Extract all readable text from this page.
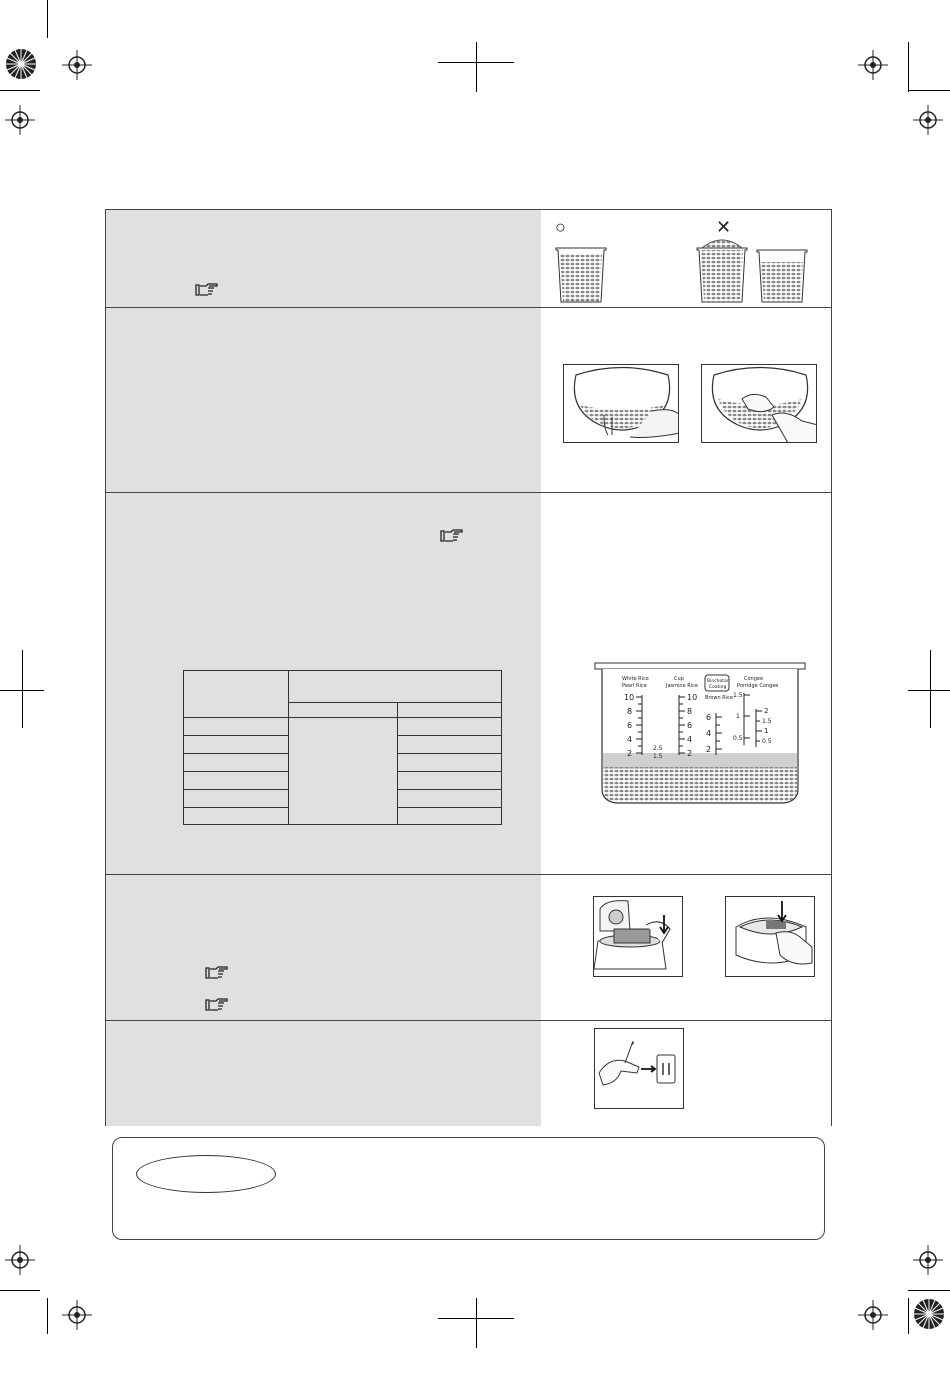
○	✕

White Rice
Pearl Rice
Cup
Jasmine Rice
Binchotan
Coating
Brown Rice
Congee
Porridge Congee
10
8
6
4
2
10
8
6
4
2
2.5
1.5
6
4
2
1.5
1
0.5
2
1.5
1
0.5
